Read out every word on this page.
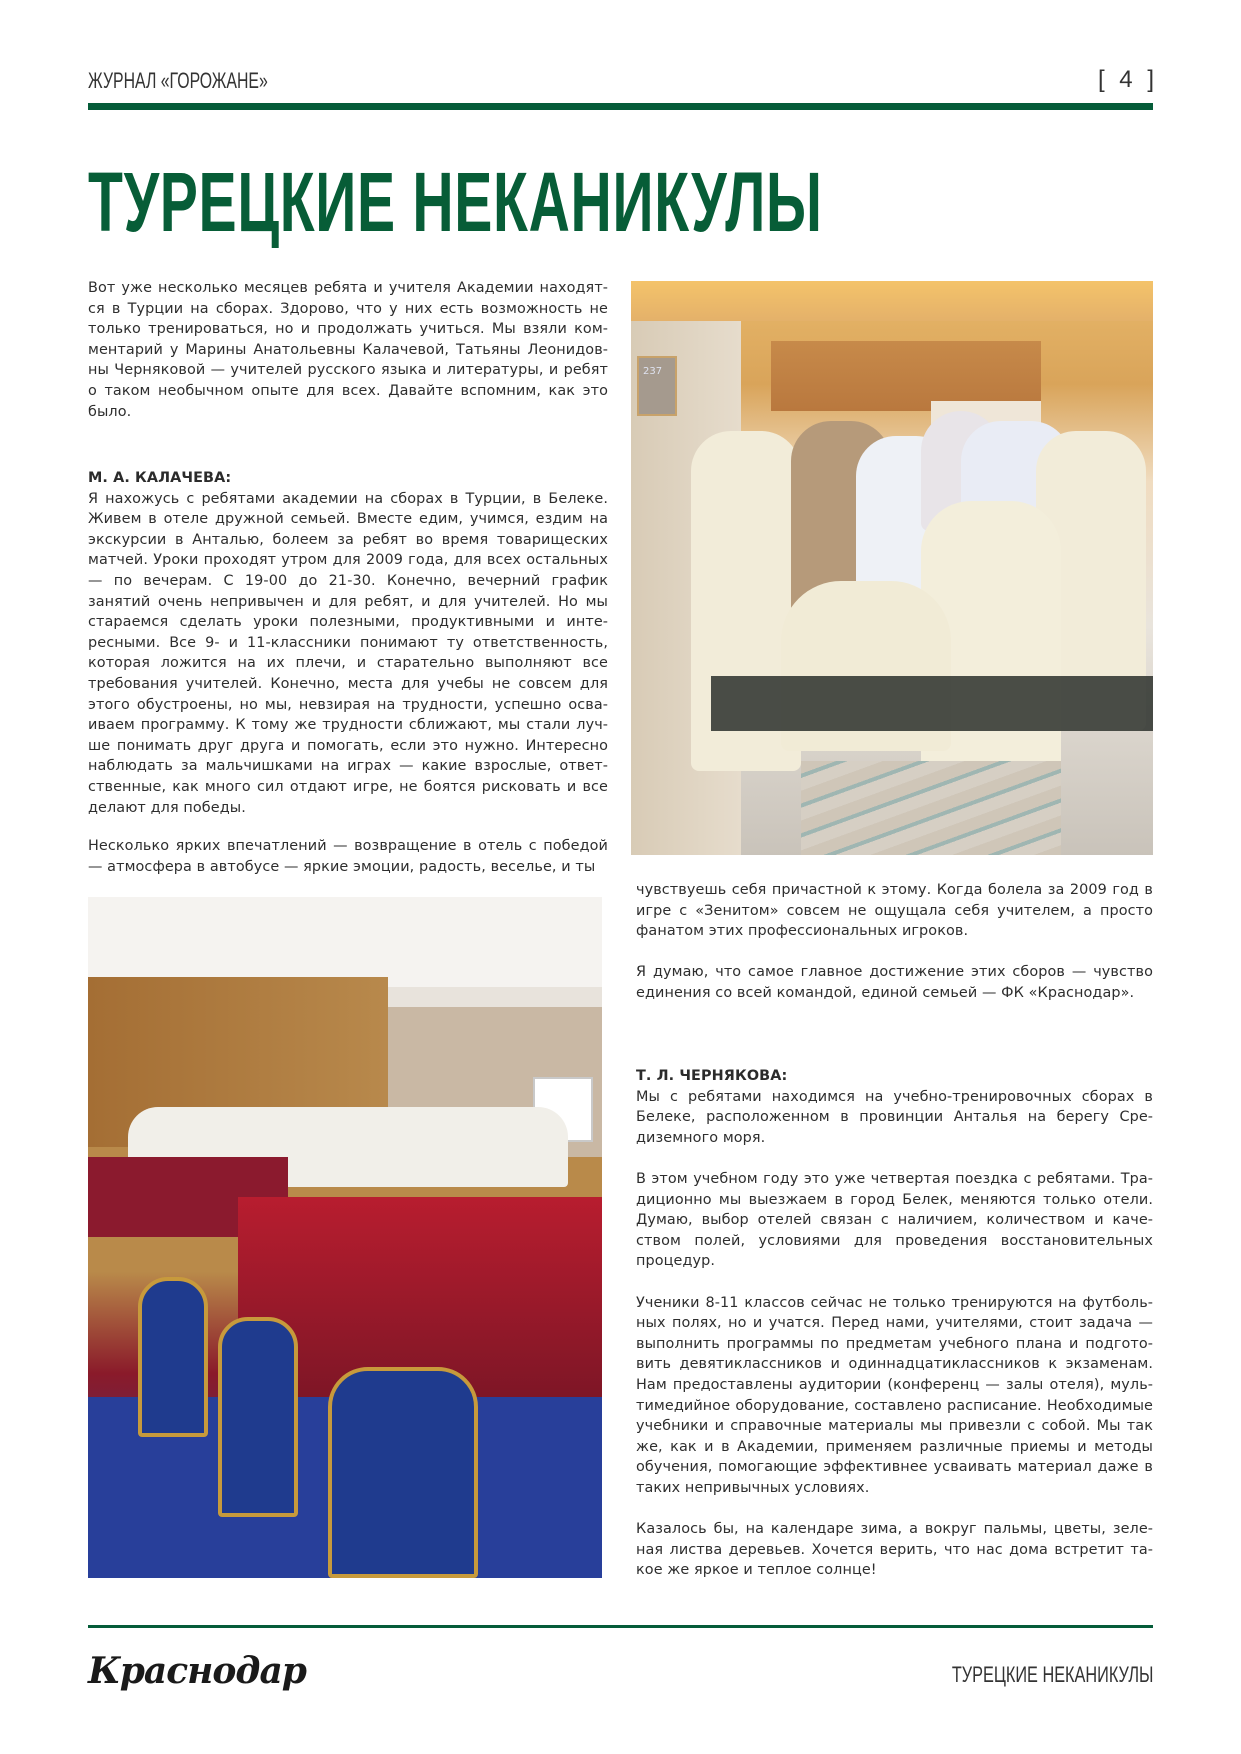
ЖУРНАЛ «ГОРОЖАНЕ»	[ 4 ]
ТУРЕЦКИЕ НЕКАНИКУЛЫ

Вот уже несколько месяцев ребята и учителя Академии находятся в Турции на сборах. Здорово, что у них есть возможность не только тренироваться, но и продолжать учиться. Мы взяли комментарий у Марины Анатольевны Калачевой, Татьяны Леонидовны Черняковой — учителей русского языка и литературы, и ребят о таком необычном опыте для всех. Давайте вспомним, как это было.

М. А. КАЛАЧЕВА:

Я нахожусь с ребятами академии на сборах в Турции, в Белеке. Живем в отеле дружной семьей. Вместе едим, учимся, ездим на экскурсии в Анталью, болеем за ребят во время товарищеских матчей. Уроки проходят утром для 2009 года, для всех остальных — по вечерам. С 19-00 до 21-30. Конечно, вечерний график занятий очень непривычен и для ребят, и для учителей. Но мы стараемся сделать уроки полезными, продуктивными и интересными. Все 9- и 11-классники понимают ту ответственность, которая ложится на их плечи, и старательно выполняют все требования учителей. Конечно, места для учебы не совсем для этого обустроены, но мы, невзирая на трудности, успешно осваиваем программу. К тому же трудности сближают, мы стали лучше понимать друг друга и помогать, если это нужно. Интересно наблюдать за мальчишками на играх — какие взрослые, ответственные, как много сил отдают игре, не боятся рисковать и все делают для победы.

Несколько ярких впечатлений — возвращение в отель с победой — атмосфера в автобусе — яркие эмоции, радость, веселье, и ты

чувствуешь себя причастной к этому. Когда болела за 2009 год в игре с «Зенитом» совсем не ощущала себя учителем, а просто фанатом этих профессиональных игроков.

Я думаю, что самое главное достижение этих сборов — чувство единения со всей командой, единой семьей — ФК «Краснодар».

Т. Л. ЧЕРНЯКОВА:

Мы с ребятами находимся на учебно-тренировочных сборах в Белеке, расположенном в провинции Анталья на берегу Средиземного моря.

В этом учебном году это уже четвертая поездка с ребятами. Традиционно мы выезжаем в город Белек, меняются только отели. Думаю, выбор отелей связан с наличием, количеством и качеством полей, условиями для проведения восстановительных процедур.

Ученики 8-11 классов сейчас не только тренируются на футбольных полях, но и учатся. Перед нами, учителями, стоит задача — выполнить программы по предметам учебного плана и подготовить девятиклассников и одиннадцатиклассников к экзаменам. Нам предоставлены аудитории (конференц — залы отеля), мультимедийное оборудование, составлено расписание. Необходимые учебники и справочные материалы мы привезли с собой. Мы так же, как и в Академии, применяем различные приемы и методы обучения, помогающие эффективнее усваивать материал даже в таких непривычных условиях.

Казалось бы, на календаре зима, а вокруг пальмы, цветы, зеленая листва деревьев. Хочется верить, что нас дома встретит такое же яркое и теплое солнце!

237
Краснодар	ТУРЕЦКИЕ НЕКАНИКУЛЫ
